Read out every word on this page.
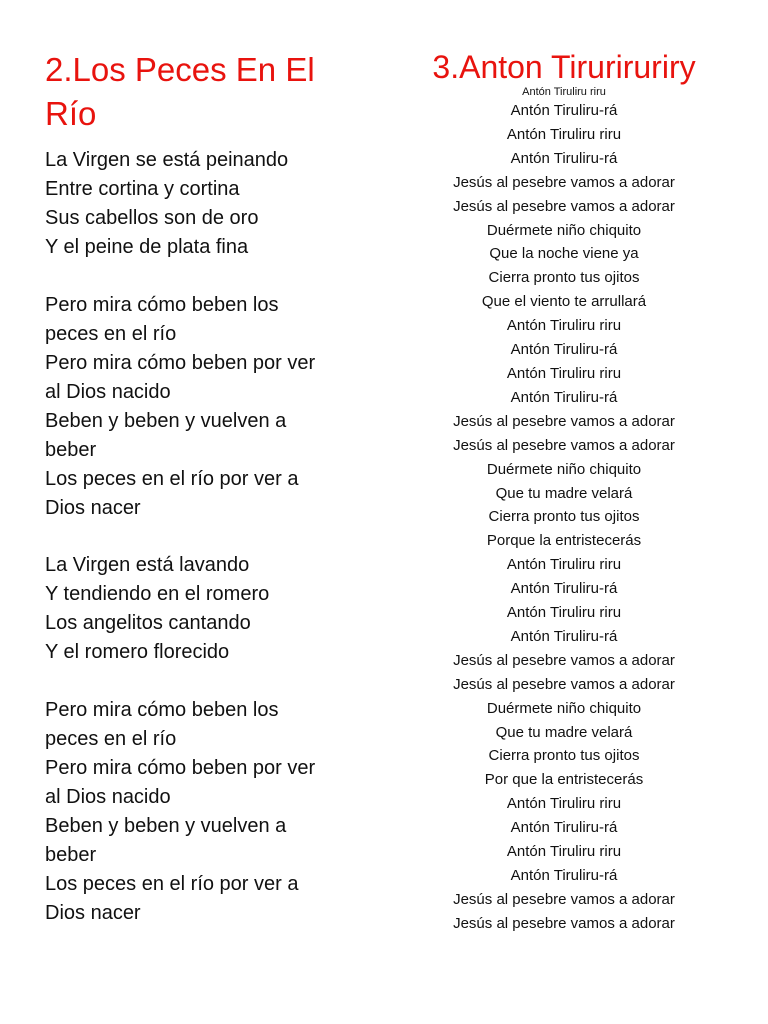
2.Los Peces En El
Río
La Virgen se está peinando
Entre cortina y cortina
Sus cabellos son de oro
Y el peine de plata fina
Pero mira cómo beben los
peces en el río
Pero mira cómo beben por ver
al Dios nacido
Beben y beben y vuelven a
beber
Los peces en el río por ver a
Dios nacer
La Virgen está lavando
Y tendiendo en el romero
Los angelitos cantando
Y el romero florecido
Pero mira cómo beben los
peces en el río
Pero mira cómo beben por ver
al Dios nacido
Beben y beben y vuelven a
beber
Los peces en el río por ver a
Dios nacer
3.Anton Tirurirurirу
Antón Tiruliru riru
Antón Tiruliru-rá
Antón Tiruliru riru
Antón Tiruliru-rá
Jesús al pesebre vamos a adorar
Jesús al pesebre vamos a adorar
Duérmete niño chiquito
Que la noche viene ya
Cierra pronto tus ojitos
Que el viento te arrullará
Antón Tiruliru riru
Antón Tiruliru-rá
Antón Tiruliru riru
Antón Tiruliru-rá
Jesús al pesebre vamos a adorar
Jesús al pesebre vamos a adorar
Duérmete niño chiquito
Que tu madre velará
Cierra pronto tus ojitos
Porque la entristecerás
Antón Tiruliru riru
Antón Tiruliru-rá
Antón Tiruliru riru
Antón Tiruliru-rá
Jesús al pesebre vamos a adorar
Jesús al pesebre vamos a adorar
Duérmete niño chiquito
Que tu madre velará
Cierra pronto tus ojitos
Por que la entristecerás
Antón Tiruliru riru
Antón Tiruliru-rá
Antón Tiruliru riru
Antón Tiruliru-rá
Jesús al pesebre vamos a adorar
Jesús al pesebre vamos a adorar
